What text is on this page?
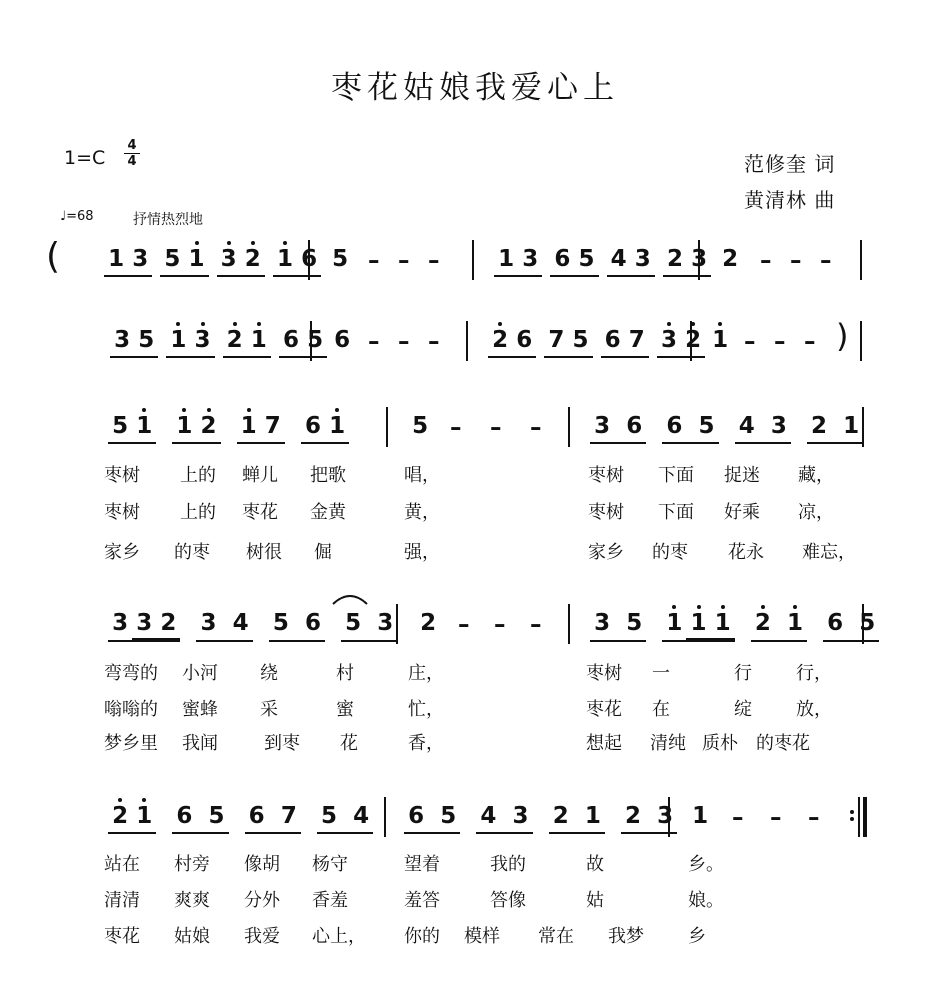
枣花姑娘我爱心上
1=C
4
4	范修奎 词
黄清林 曲
♩=68	抒情热烈地
( 1 3
5 1
3 2
1 6 5 – – –	1 3
6 5
4 3
2 3 2 – – –
3 5
1 3
2 1
6 5 6 – – – 2 6
7 5
6 7
3 2 1 – – – )
5 1
1 2
1 7
6 1	5 – – – 3
6
6
5
4
3
2
1
枣树 上的 蝉儿 把歌	唱，	枣树 下面 捉迷 藏，
枣树 上的 枣花 金黄	黄，	枣树 下面 好乘 凉，
家乡 的枣 树很 倔	强，	家乡 的枣 花永 难忘，
3 3 2
3
4
5
6
5
3 2 – – – 3
5
1 1 1
2
1
6
5
弯弯的 小河 绕	村	庄，	枣树 一	行 行，
嗡嗡的 蜜蜂 采	蜜	忙，	枣花 在	绽 放，
梦乡里 我闻	到枣 花	香，	想起 清纯 质朴 的枣花
2 1
6
5
6
7
5
4 6
5
4
3
2
1
2
3 1 – – –
站在 村旁 像胡 杨守	望着	我的	故	乡。
清清 爽爽 分外 香羞	羞答	答像	姑	娘。
枣花 姑娘 我爱 心上， 你的 模样 常在 我梦 乡
